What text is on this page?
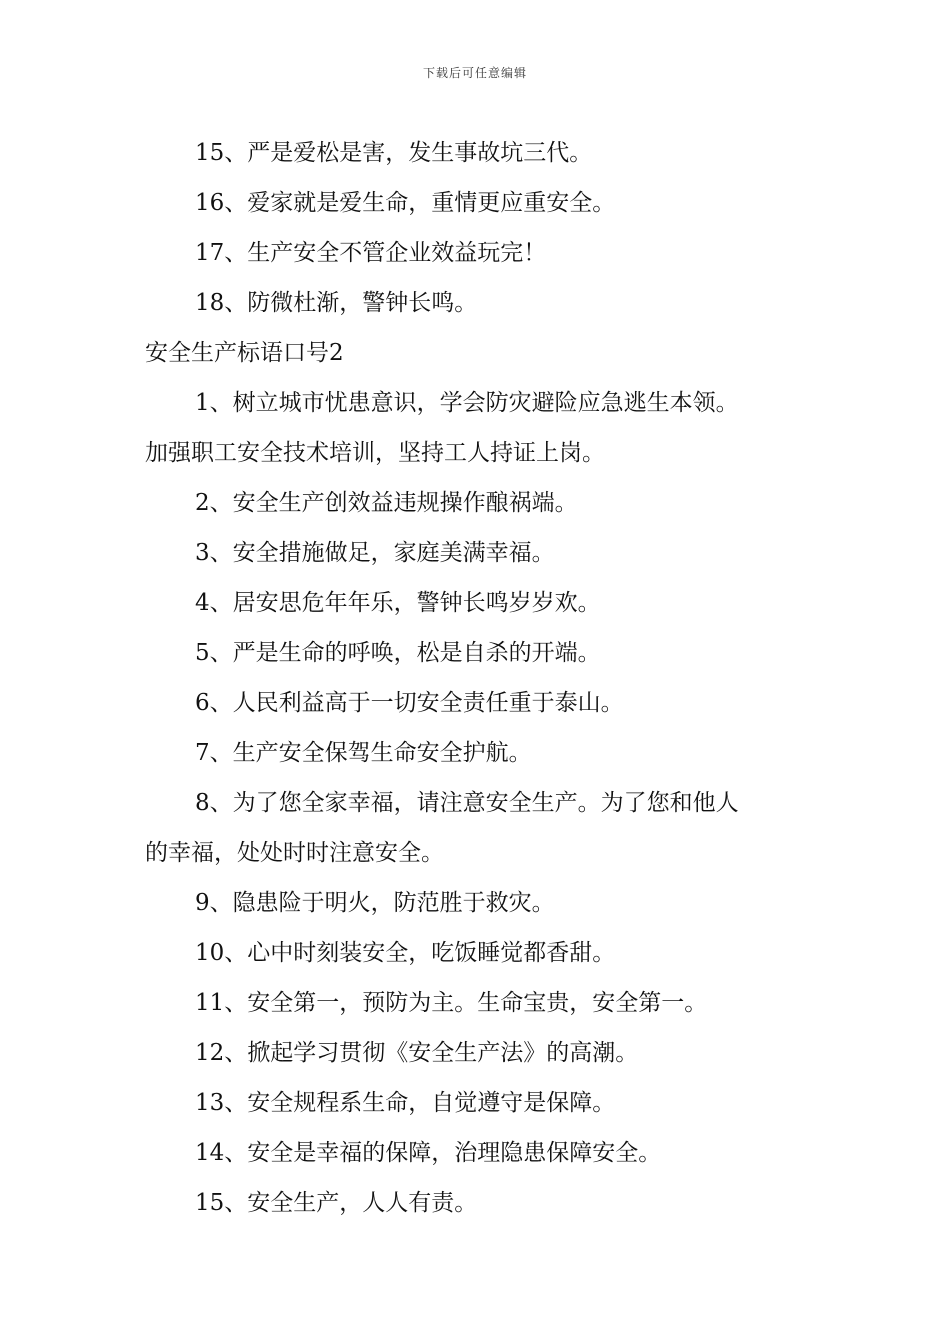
下载后可任意编辑

15、严是爱松是害，发生事故坑三代。

16、爱家就是爱生命，重情更应重安全。

17、生产安全不管企业效益玩完！

18、防微杜渐，警钟长鸣。

安全生产标语口号2

1、树立城市忧患意识，学会防灾避险应急逃生本领。

加强职工安全技术培训，坚持工人持证上岗。

2、安全生产创效益违规操作酿祸端。

3、安全措施做足，家庭美满幸福。

4、居安思危年年乐，警钟长鸣岁岁欢。

5、严是生命的呼唤，松是自杀的开端。

6、人民利益高于一切安全责任重于泰山。

7、生产安全保驾生命安全护航。

8、为了您全家幸福，请注意安全生产。为了您和他人

的幸福，处处时时注意安全。

9、隐患险于明火，防范胜于救灾。

10、心中时刻装安全，吃饭睡觉都香甜。

11、安全第一，预防为主。生命宝贵，安全第一。

12、掀起学习贯彻《安全生产法》的高潮。

13、安全规程系生命，自觉遵守是保障。

14、安全是幸福的保障，治理隐患保障安全。

15、安全生产，人人有责。
